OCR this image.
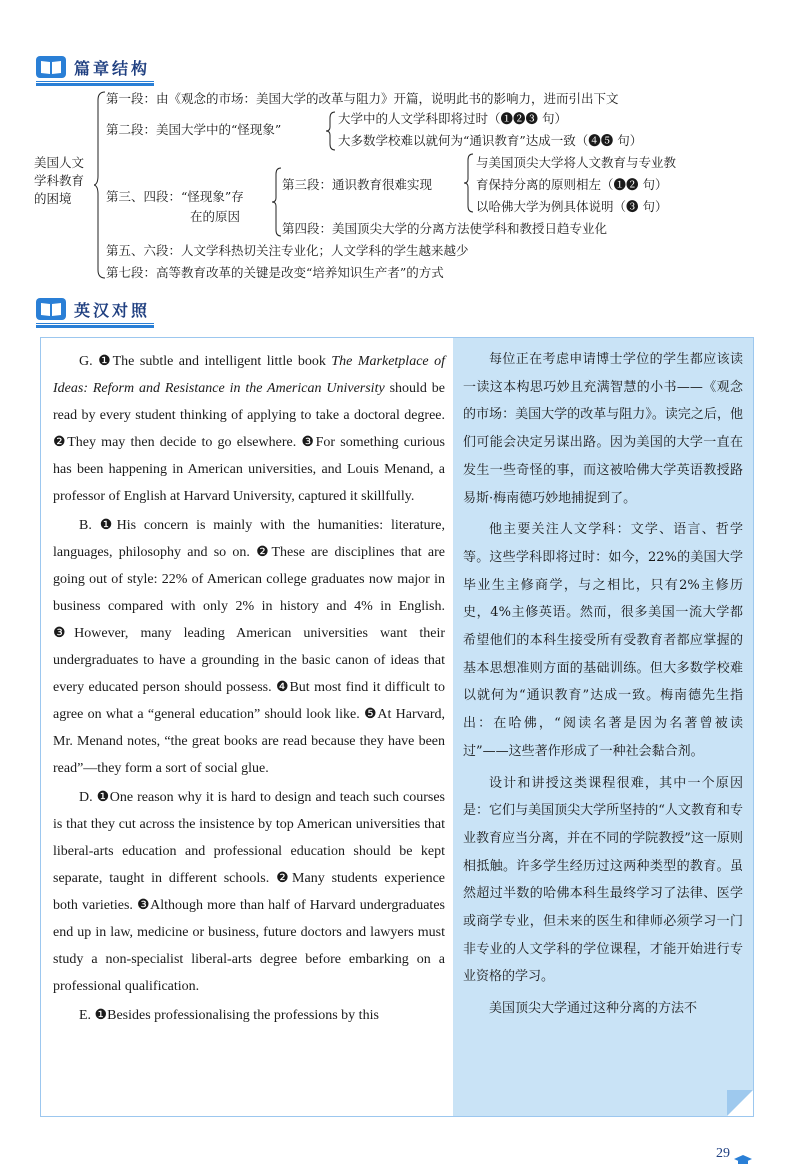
篇章结构
美国人文
学科教育
的困境
第一段：由《观念的市场：美国大学的改革与阻力》开篇，说明此书的影响力，进而引出下文
第二段：美国大学中的“怪现象”
大学中的人文学科即将过时（❶❷❸ 句）
大多数学校难以就何为“通识教育”达成一致（❹❺ 句）
第三、四段：“怪现象”存
在的原因
第三段：通识教育很难实现
与美国顶尖大学将人文教育与专业教
育保持分离的原则相左（❶❷ 句）
以哈佛大学为例具体说明（❸ 句）
第四段：美国顶尖大学的分离方法使学科和教授日趋专业化
第五、六段：人文学科热切关注专业化；人文学科的学生越来越少
第七段：高等教育改革的关键是改变“培养知识生产者”的方式
英汉对照

G. ❶The subtle and intelligent little book The Marketplace of Ideas: Reform and Resistance in the American University should be read by every student thinking of applying to take a doctoral degree. ❷They may then decide to go elsewhere. ❸For something curious has been happening in American universities, and Louis Menand, a professor of English at Harvard University, captured it skillfully.

B. ❶His concern is mainly with the humanities: literature, languages, philosophy and so on. ❷These are disciplines that are going out of style: 22% of American college graduates now major in business compared with only 2% in history and 4% in English. ❸However, many leading American universities want their undergraduates to have a grounding in the basic canon of ideas that every educated person should possess. ❹But most find it difficult to agree on what a “general education” should look like. ❺At Harvard, Mr. Menand notes, “the great books are read because they have been read”—they form a sort of social glue.

D. ❶One reason why it is hard to design and teach such courses is that they cut across the insistence by top American universities that liberal-arts education and professional education should be kept separate, taught in different schools. ❷Many students experience both varieties. ❸Although more than half of Harvard undergraduates end up in law, medicine or business, future doctors and lawyers must study a non-specialist liberal-arts degree before embarking on a professional qualification.

E. ❶Besides professionalising the professions by this

每位正在考虑申请博士学位的学生都应该读一读这本构思巧妙且充满智慧的小书——《观念的市场：美国大学的改革与阻力》。读完之后，他们可能会决定另谋出路。因为美国的大学一直在发生一些奇怪的事，而这被哈佛大学英语教授路易斯·梅南德巧妙地捕捉到了。

他主要关注人文学科：文学、语言、哲学等。这些学科即将过时：如今，22%的美国大学毕业生主修商学，与之相比，只有2%主修历史，4%主修英语。然而，很多美国一流大学都希望他们的本科生接受所有受教育者都应掌握的基本思想准则方面的基础训练。但大多数学校难以就何为“通识教育”达成一致。梅南德先生指出：在哈佛，“阅读名著是因为名著曾被读过”——这些著作形成了一种社会黏合剂。

设计和讲授这类课程很难，其中一个原因是：它们与美国顶尖大学所坚持的“人文教育和专业教育应当分离，并在不同的学院教授”这一原则相抵触。许多学生经历过这两种类型的教育。虽然超过半数的哈佛本科生最终学习了法律、医学或商学专业，但未来的医生和律师必须学习一门非专业的人文学科的学位课程，才能开始进行专业资格的学习。

美国顶尖大学通过这种分离的方法不

29
